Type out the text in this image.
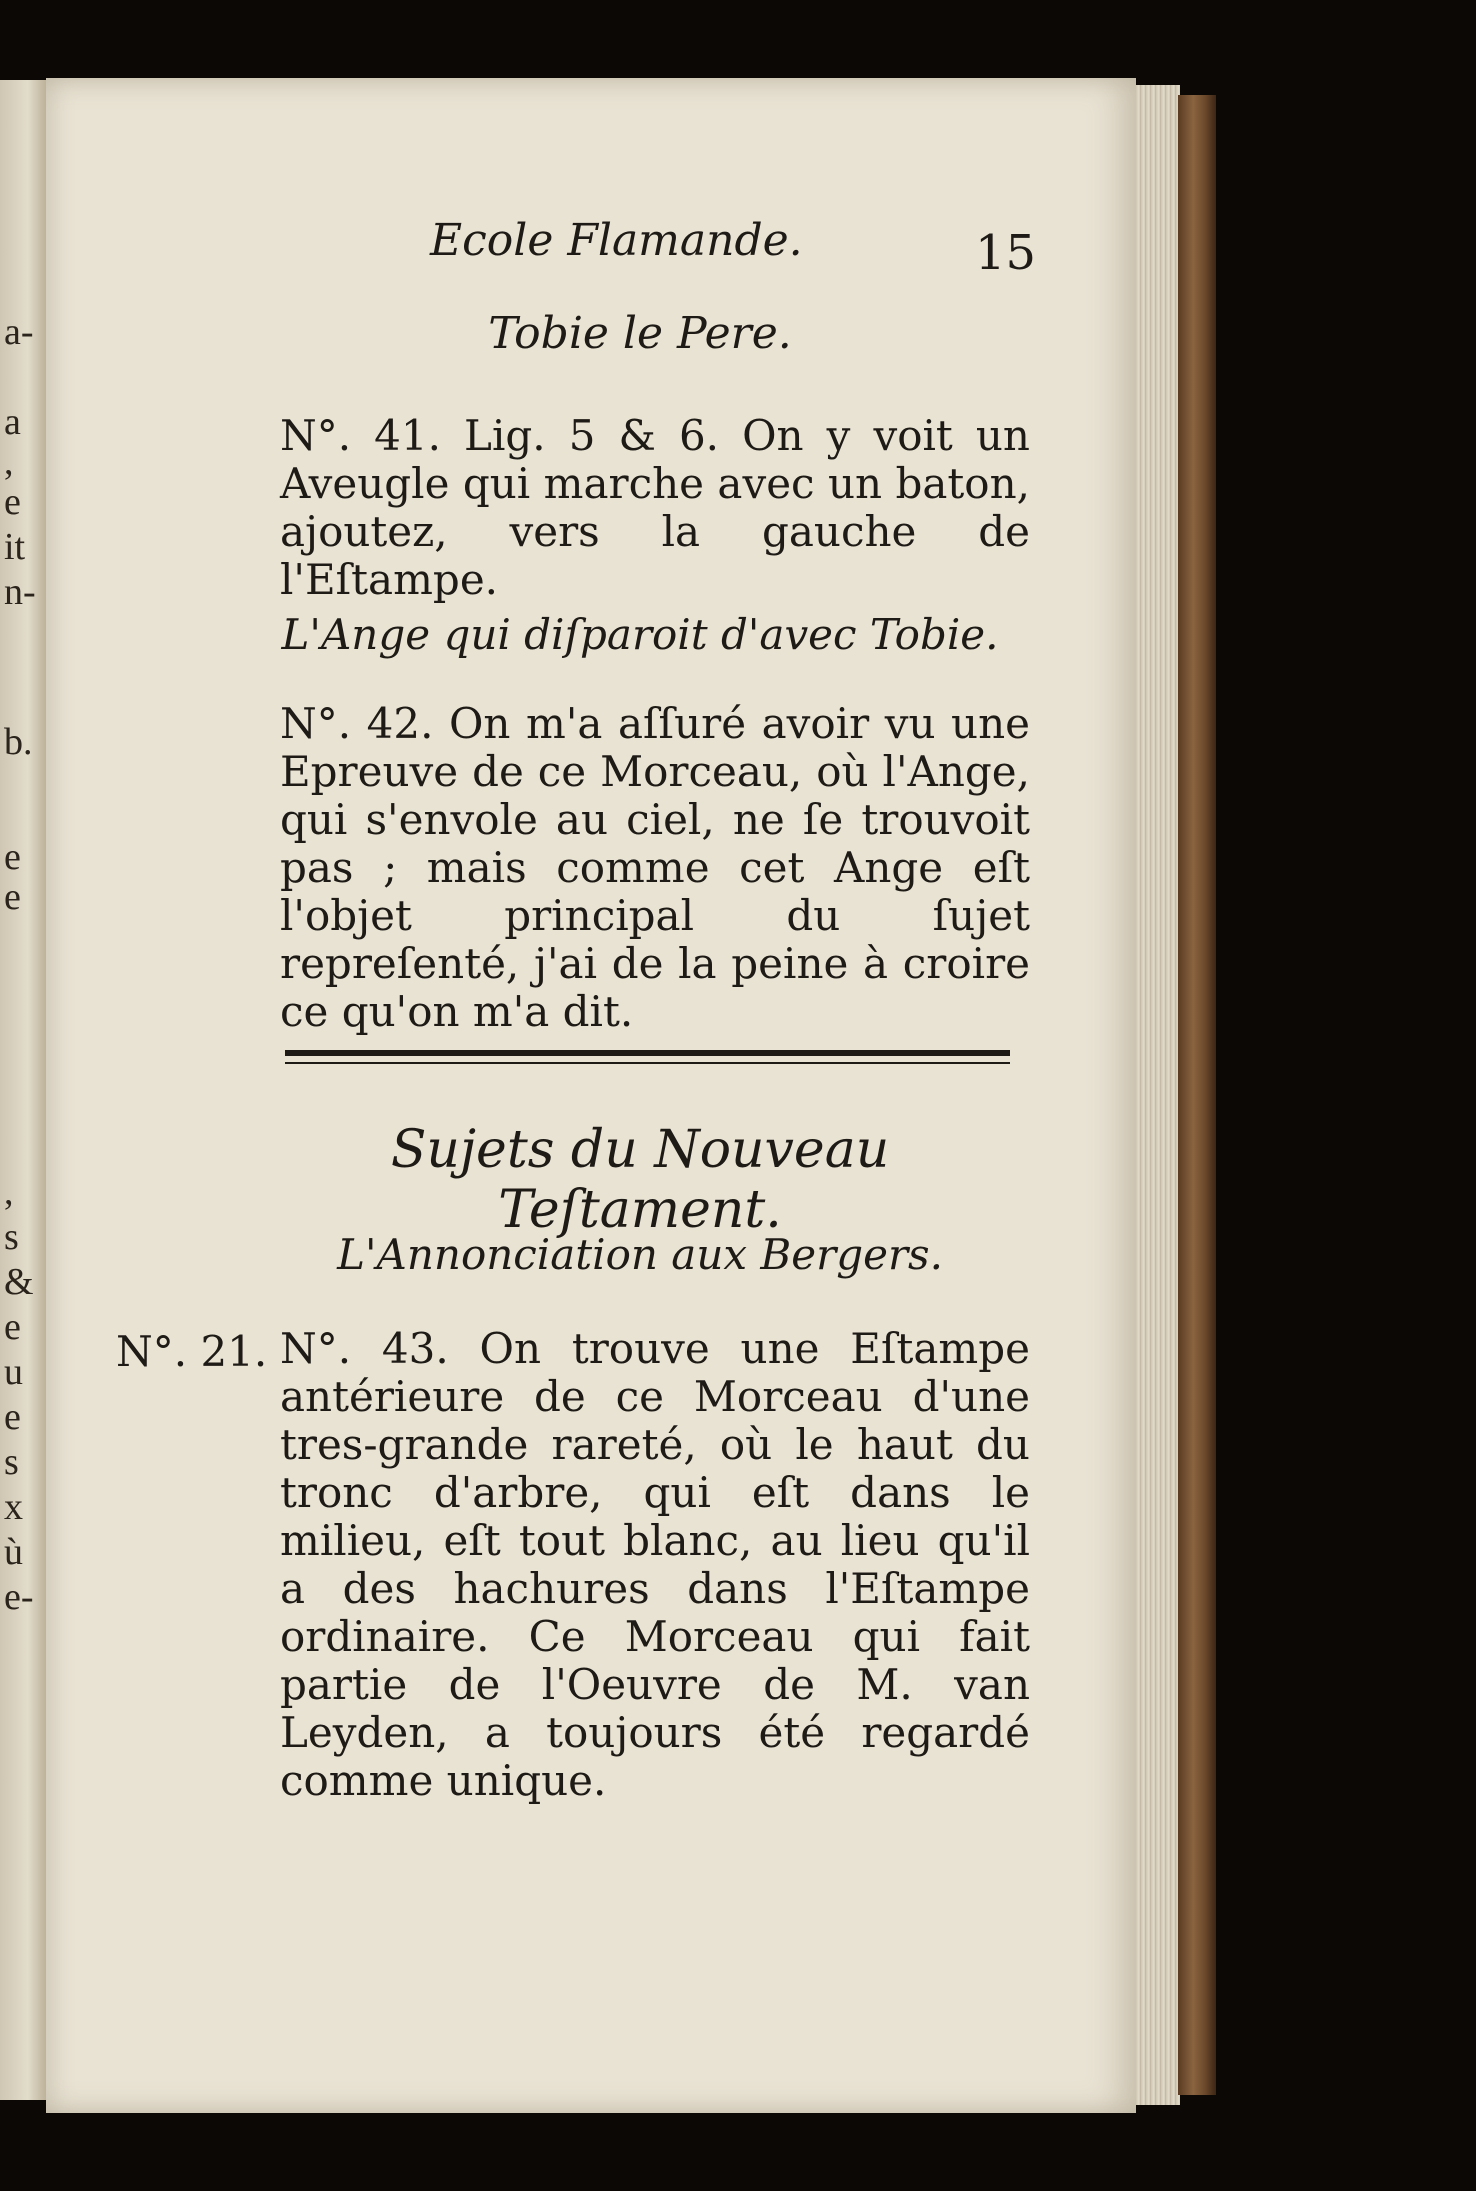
a-
a
,
e
it
n-
b.
e
e
,
s
&
e
u
e
s
x
ù
e-
Ecole Flamande.	15
Tobie le Pere.
N°. 41. Lig. 5 & 6. On y voit un Aveugle qui marche avec un baton, ajoutez, vers la gauche de l'Eſtampe.
L'Ange qui diſparoit d'avec Tobie.
N°. 42. On m'a aſſuré avoir vu une Epreuve de ce Morceau, où l'Ange, qui s'envole au ciel, ne ſe trouvoit pas ; mais comme cet Ange eſt l'objet principal du ſujet repreſenté, j'ai de la peine à croire ce qu'on m'a dit.
Sujets du Nouveau Teſtament.
L'Annonciation aux Bergers.
N°. 21. N°. 43. On trouve une Eſtampe antérieure de ce Morceau d'une tres-grande rareté, où le haut du tronc d'arbre, qui eſt dans le milieu, eſt tout blanc, au lieu qu'il a des hachures dans l'Eſtampe ordinaire. Ce Morceau qui fait partie de l'Oeuvre de M. van Leyden, a toujours été regardé comme unique.
